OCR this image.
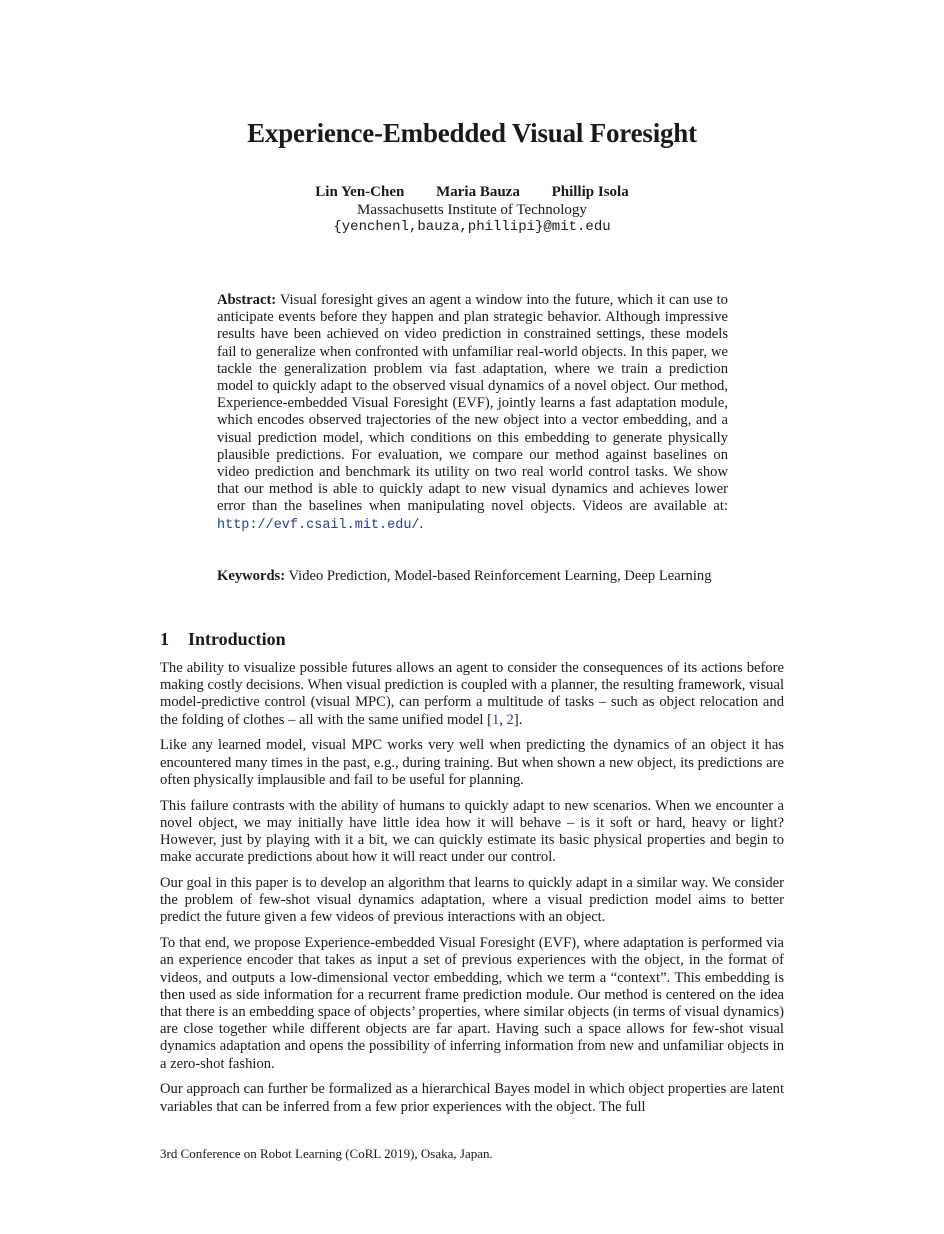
Experience-Embedded Visual Foresight
Lin Yen-Chen Maria Bauza Phillip Isola
Massachusetts Institute of Technology
{yenchenl,bauza,phillipi}@mit.edu
Abstract: Visual foresight gives an agent a window into the future, which it can use to anticipate events before they happen and plan strategic behavior. Although impressive results have been achieved on video prediction in constrained settings, these models fail to generalize when confronted with unfamiliar real-world objects. In this paper, we tackle the generalization problem via fast adaptation, where we train a prediction model to quickly adapt to the observed visual dynamics of a novel object. Our method, Experience-embedded Visual Foresight (EVF), jointly learns a fast adaptation module, which encodes observed trajectories of the new object into a vector embedding, and a visual prediction model, which conditions on this embedding to generate physically plausible predictions. For evaluation, we compare our method against baselines on video prediction and benchmark its utility on two real world control tasks. We show that our method is able to quickly adapt to new visual dynamics and achieves lower error than the baselines when manipulating novel objects. Videos are available at: http://evf.csail.mit.edu/.
Keywords: Video Prediction, Model-based Reinforcement Learning, Deep Learning
1 Introduction

The ability to visualize possible futures allows an agent to consider the consequences of its actions before making costly decisions. When visual prediction is coupled with a planner, the resulting framework, visual model-predictive control (visual MPC), can perform a multitude of tasks – such as object relocation and the folding of clothes – all with the same unified model [1, 2].

Like any learned model, visual MPC works very well when predicting the dynamics of an object it has encountered many times in the past, e.g., during training. But when shown a new object, its predictions are often physically implausible and fail to be useful for planning.

This failure contrasts with the ability of humans to quickly adapt to new scenarios. When we encounter a novel object, we may initially have little idea how it will behave – is it soft or hard, heavy or light? However, just by playing with it a bit, we can quickly estimate its basic physical properties and begin to make accurate predictions about how it will react under our control.

Our goal in this paper is to develop an algorithm that learns to quickly adapt in a similar way. We consider the problem of few-shot visual dynamics adaptation, where a visual prediction model aims to better predict the future given a few videos of previous interactions with an object.

To that end, we propose Experience-embedded Visual Foresight (EVF), where adaptation is performed via an experience encoder that takes as input a set of previous experiences with the object, in the format of videos, and outputs a low-dimensional vector embedding, which we term a “context”. This embedding is then used as side information for a recurrent frame prediction module. Our method is centered on the idea that there is an embedding space of objects’ properties, where similar objects (in terms of visual dynamics) are close together while different objects are far apart. Having such a space allows for few-shot visual dynamics adaptation and opens the possibility of inferring information from new and unfamiliar objects in a zero-shot fashion.

Our approach can further be formalized as a hierarchical Bayes model in which object properties are latent variables that can be inferred from a few prior experiences with the object. The full

3rd Conference on Robot Learning (CoRL 2019), Osaka, Japan.
